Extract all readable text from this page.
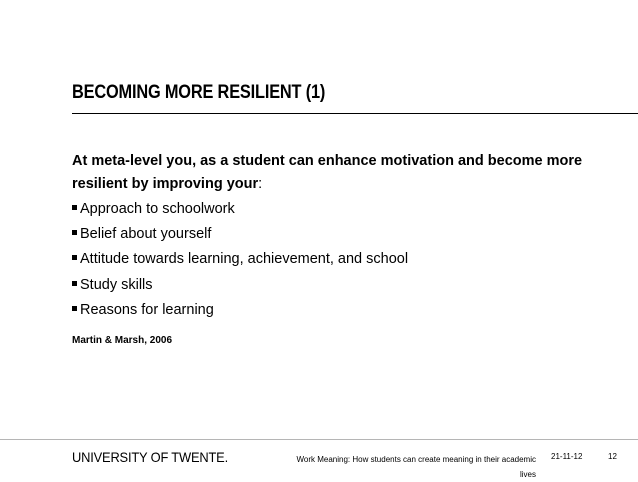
BECOMING MORE RESILIENT (1)
At meta-level you, as a student can enhance motivation and become more resilient by improving your:
Approach to schoolwork
Belief about yourself
Attitude towards learning, achievement, and school
Study skills
Reasons for learning
Martin & Marsh, 2006
UNIVERSITY OF TWENTE.	Work Meaning: How students can create meaning in their academic lives
21-11-12	12
